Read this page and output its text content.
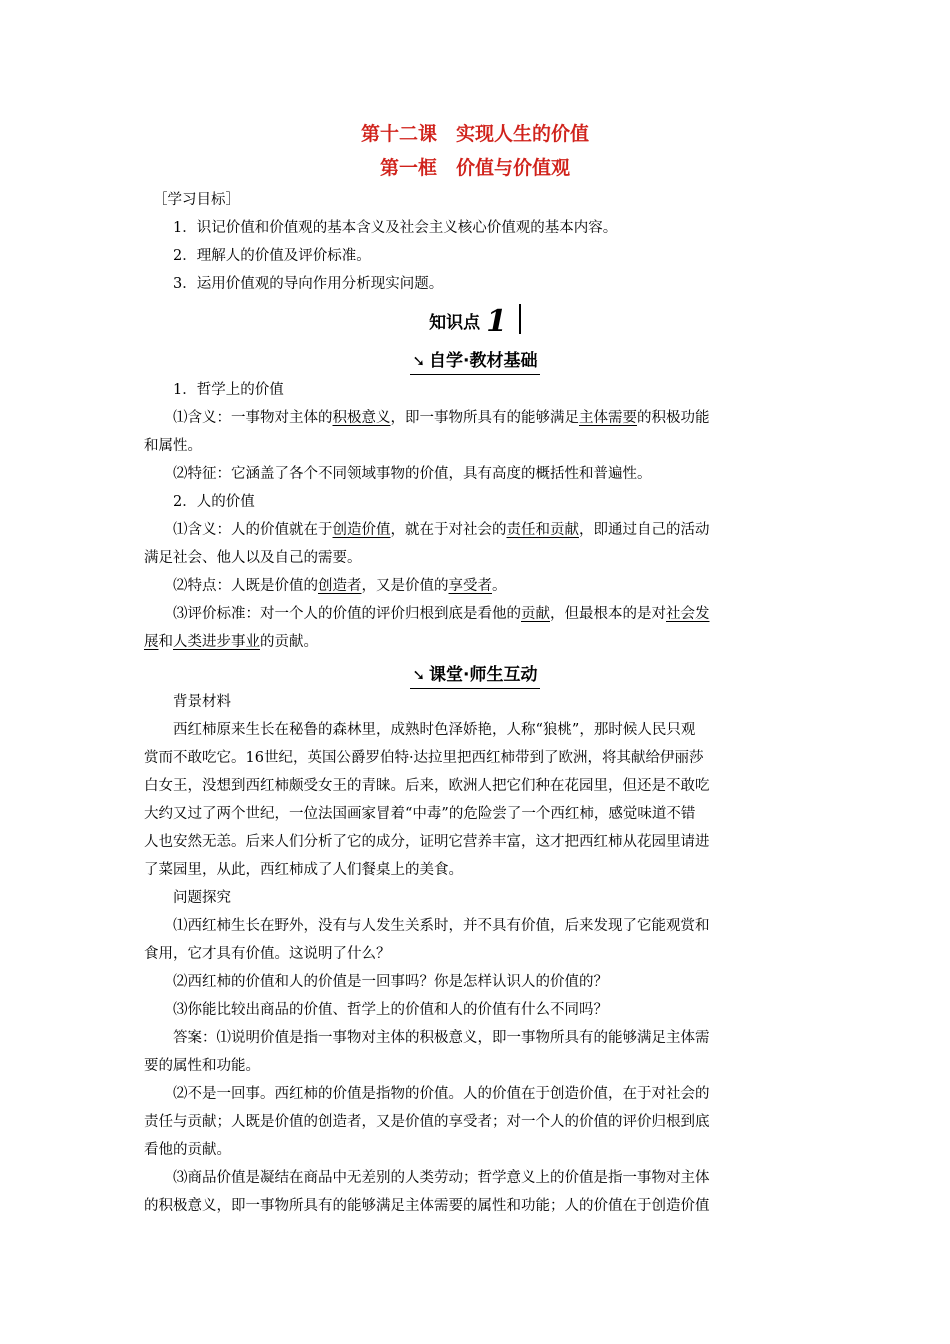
第十二课　实现人生的价值
第一框　价值与价值观
［学习目标］
1．识记价值和价值观的基本含义及社会主义核心价值观的基本内容。
2．理解人的价值及评价标准。
3．运用价值观的导向作用分析现实问题。
知识点 1
➘ 自学·教材基础
1．哲学上的价值
⑴含义：一事物对主体的积极意义，即一事物所具有的能够满足主体需要的积极功能
和属性。
⑵特征：它涵盖了各个不同领域事物的价值，具有高度的概括性和普遍性。
2．人的价值
⑴含义：人的价值就在于创造价值，就在于对社会的责任和贡献，即通过自己的活动
满足社会、他人以及自己的需要。
⑵特点：人既是价值的创造者，又是价值的享受者。
⑶评价标准：对一个人的价值的评价归根到底是看他的贡献，但最根本的是对社会发
展和人类进步事业的贡献。
➘ 课堂·师生互动
背景材料
西红柿原来生长在秘鲁的森林里，成熟时色泽娇艳，人称“狼桃”，那时候人民只观
赏而不敢吃它。16世纪，英国公爵罗伯特·达拉里把西红柿带到了欧洲，将其献给伊丽莎
白女王，没想到西红柿颇受女王的青睐。后来，欧洲人把它们种在花园里，但还是不敢吃
大约又过了两个世纪，一位法国画家冒着“中毒”的危险尝了一个西红柿，感觉味道不错
人也安然无恙。后来人们分析了它的成分，证明它营养丰富，这才把西红柿从花园里请进
了菜园里，从此，西红柿成了人们餐桌上的美食。
问题探究
⑴西红柿生长在野外，没有与人发生关系时，并不具有价值，后来发现了它能观赏和
食用，它才具有价值。这说明了什么？
⑵西红柿的价值和人的价值是一回事吗？你是怎样认识人的价值的？
⑶你能比较出商品的价值、哲学上的价值和人的价值有什么不同吗？
答案：⑴说明价值是指一事物对主体的积极意义，即一事物所具有的能够满足主体需
要的属性和功能。
⑵不是一回事。西红柿的价值是指物的价值。人的价值在于创造价值，在于对社会的
责任与贡献；人既是价值的创造者，又是价值的享受者；对一个人的价值的评价归根到底
看他的贡献。
⑶商品价值是凝结在商品中无差别的人类劳动；哲学意义上的价值是指一事物对主体
的积极意义，即一事物所具有的能够满足主体需要的属性和功能；人的价值在于创造价值
